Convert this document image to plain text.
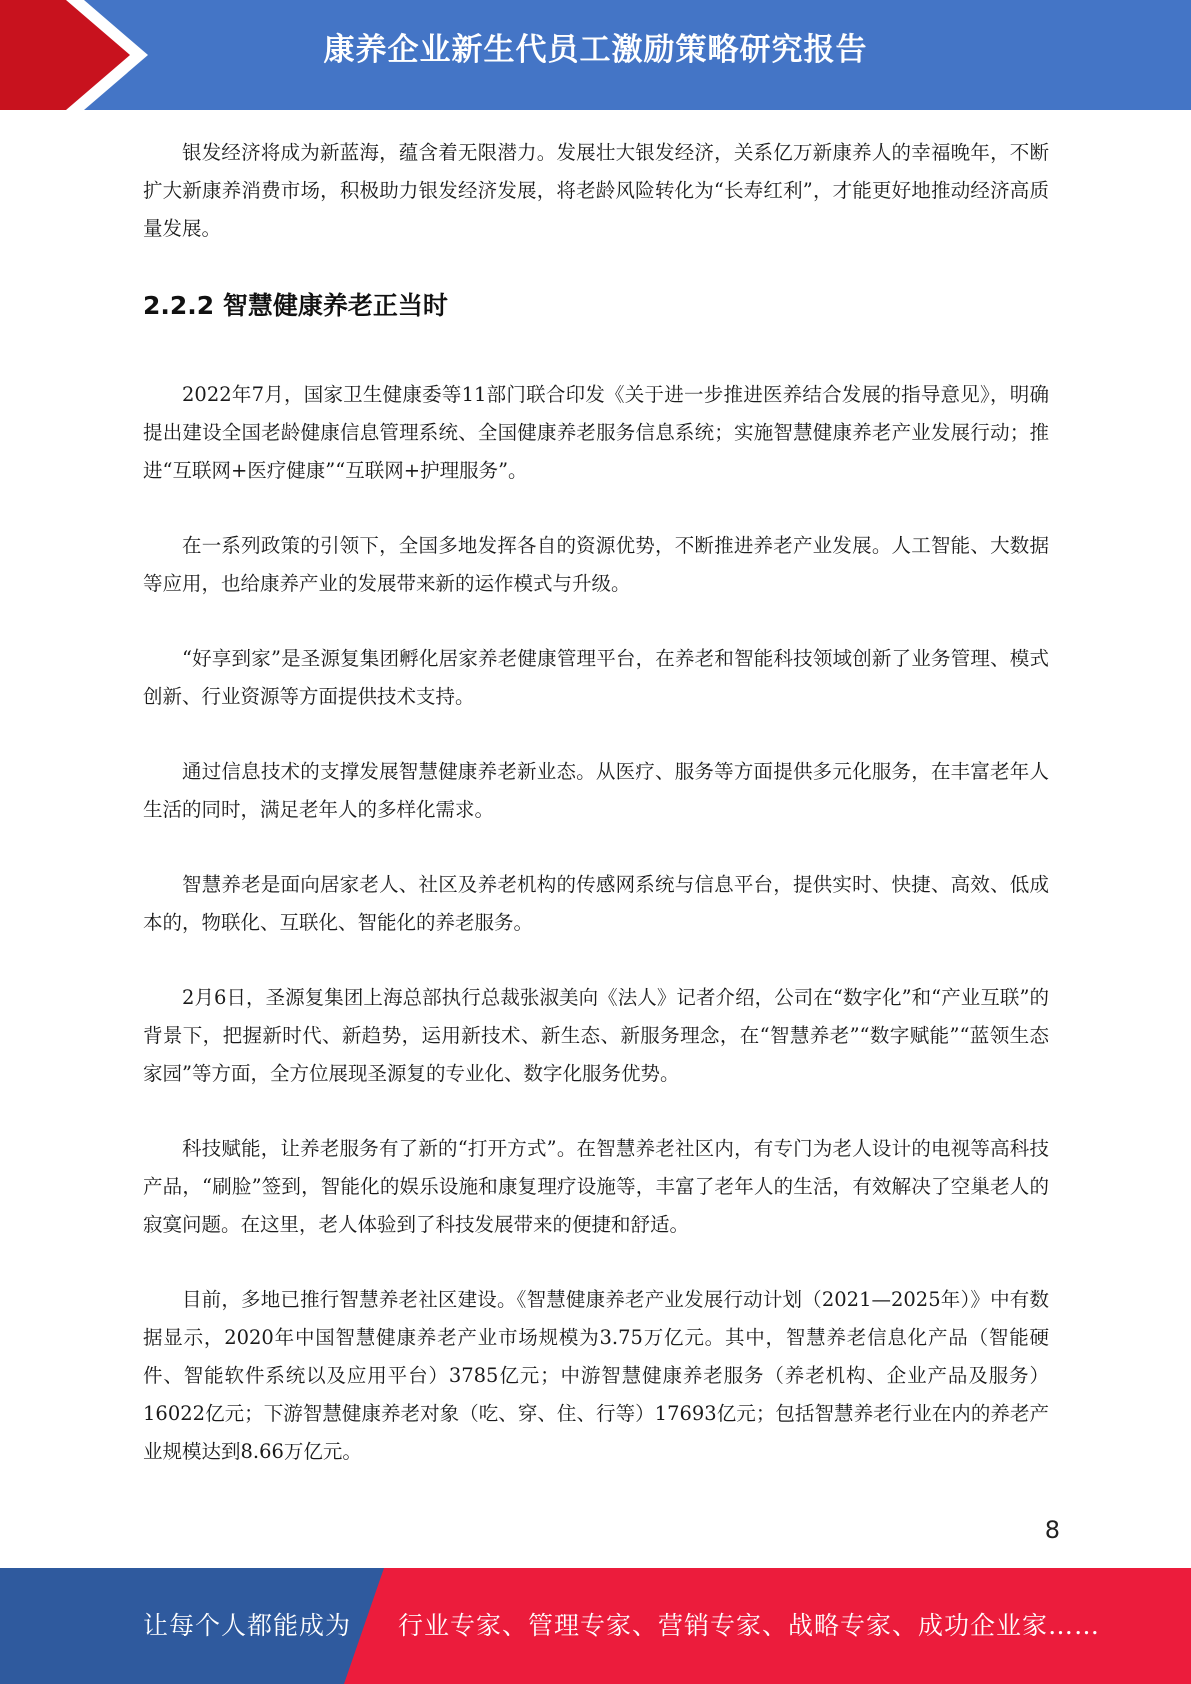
康养企业新生代员工激励策略研究报告

银发经济将成为新蓝海，蕴含着无限潜力。发展壮大银发经济，关系亿万新康养人的幸福晚年，不断扩大新康养消费市场，积极助力银发经济发展，将老龄风险转化为“长寿红利”，才能更好地推动经济高质量发展。

2.2.2 智慧健康养老正当时

2022年7月，国家卫生健康委等11部门联合印发《关于进一步推进医养结合发展的指导意见》，明确提出建设全国老龄健康信息管理系统、全国健康养老服务信息系统；实施智慧健康养老产业发展行动；推进“互联网+医疗健康”“互联网+护理服务”。

在一系列政策的引领下，全国多地发挥各自的资源优势，不断推进养老产业发展。人工智能、大数据等应用，也给康养产业的发展带来新的运作模式与升级。

“好享到家”是圣源复集团孵化居家养老健康管理平台，在养老和智能科技领域创新了业务管理、模式创新、行业资源等方面提供技术支持。

通过信息技术的支撑发展智慧健康养老新业态。从医疗、服务等方面提供多元化服务，在丰富老年人生活的同时，满足老年人的多样化需求。

智慧养老是面向居家老人、社区及养老机构的传感网系统与信息平台，提供实时、快捷、高效、低成本的，物联化、互联化、智能化的养老服务。

2月6日，圣源复集团上海总部执行总裁张淑美向《法人》记者介绍，公司在“数字化”和“产业互联”的背景下，把握新时代、新趋势，运用新技术、新生态、新服务理念，在“智慧养老”“数字赋能”“蓝领生态家园”等方面，全方位展现圣源复的专业化、数字化服务优势。

科技赋能，让养老服务有了新的“打开方式”。在智慧养老社区内，有专门为老人设计的电视等高科技产品，“刷脸”签到，智能化的娱乐设施和康复理疗设施等，丰富了老年人的生活，有效解决了空巢老人的寂寞问题。在这里，老人体验到了科技发展带来的便捷和舒适。

目前，多地已推行智慧养老社区建设。《智慧健康养老产业发展行动计划（2021—2025年）》中有数据显示，2020年中国智慧健康养老产业市场规模为3.75万亿元。其中，智慧养老信息化产品（智能硬件、智能软件系统以及应用平台）3785亿元；中游智慧健康养老服务（养老机构、企业产品及服务）16022亿元；下游智慧健康养老对象（吃、穿、住、行等）17693亿元；包括智慧养老行业在内的养老产业规模达到8.66万亿元。

8
让每个人都能成为 行业专家、管理专家、营销专家、战略专家、成功企业家……
